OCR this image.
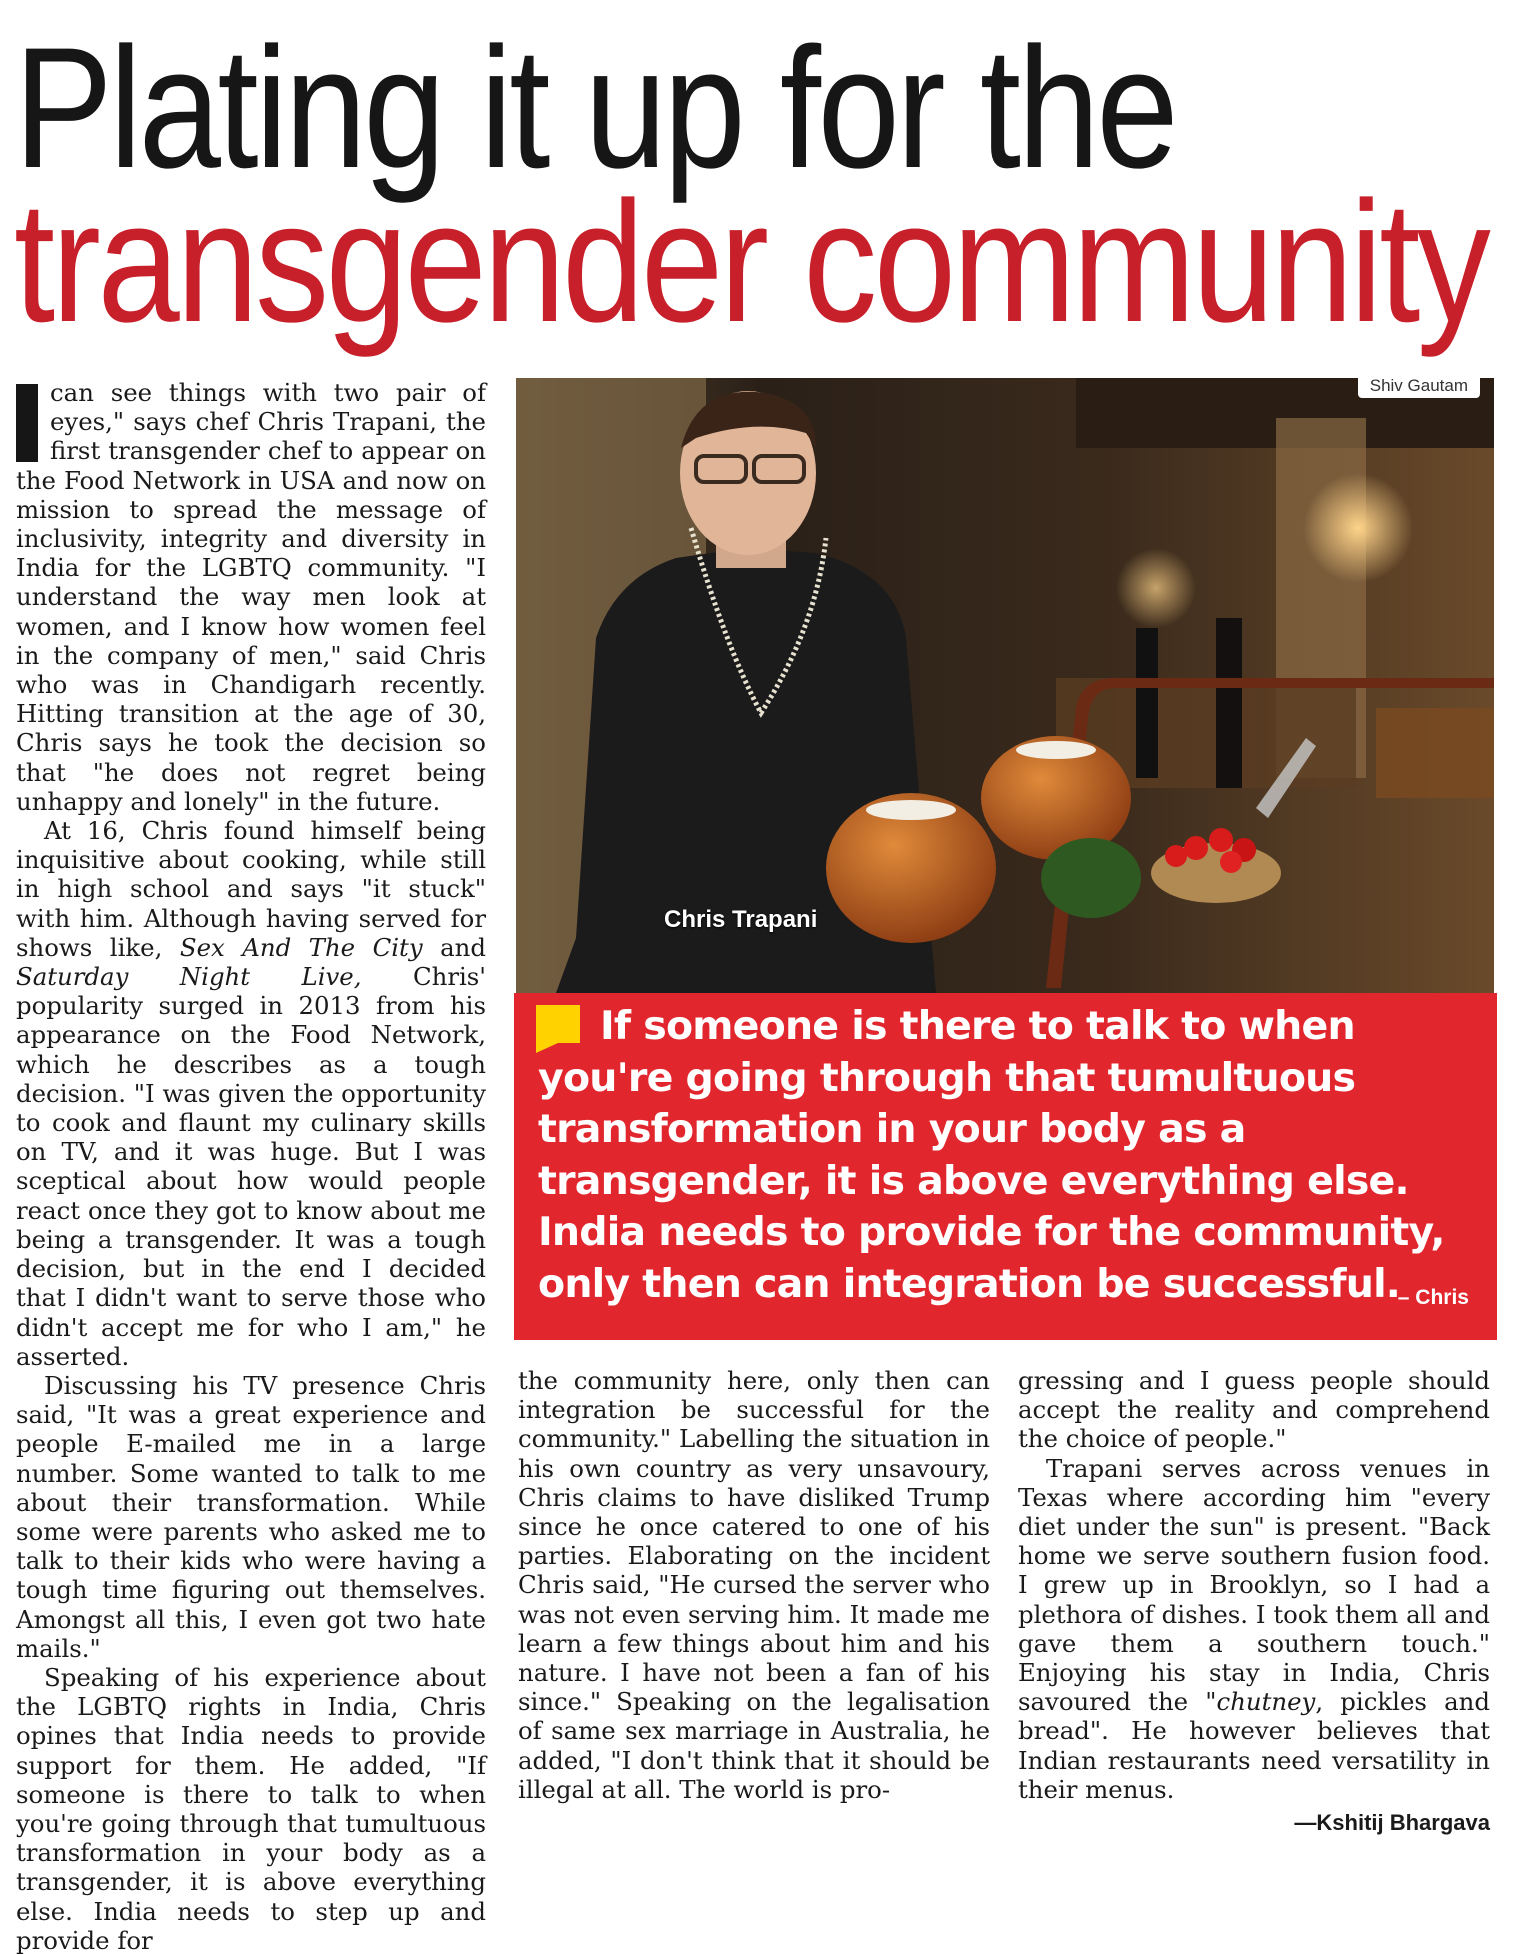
Plating it up for the
transgender community

can see things with two pair of eyes," says chef Chris Trapani, the first transgender chef to appear on the Food Network in USA and now on mission to spread the message of inclusivity, integrity and diversity in India for the LGBTQ community. "I understand the way men look at women, and I know how women feel in the company of men," said Chris who was in Chandigarh recently. Hitting transition at the age of 30, Chris says he took the decision so that "he does not regret being unhappy and lonely" in the future.

At 16, Chris found himself being inquisitive about cooking, while still in high school and says "it stuck" with him. Although having served for shows like, Sex And The City and Saturday Night Live, Chris' popularity surged in 2013 from his appearance on the Food Network, which he describes as a tough decision. "I was given the opportunity to cook and flaunt my culinary skills on TV, and it was huge. But I was sceptical about how would people react once they got to know about me being a transgender. It was a tough decision, but in the end I decided that I didn't want to serve those who didn't accept me for who I am," he asserted.

Discussing his TV presence Chris said, "It was a great experience and people E-mailed me in a large number. Some wanted to talk to me about their transformation. While some were parents who asked me to talk to their kids who were having a tough time figuring out themselves. Amongst all this, I even got two hate mails."

Speaking of his experience about the LGBTQ rights in India, Chris opines that India needs to provide support for them. He added, "If someone is there to talk to when you're going through that tumultuous transformation in your body as a transgender, it is above everything else. India needs to step up and provide for

Shiv Gautam
Chris Trapani

If someone is there to talk to when you're going through that tumultuous transformation in your body as a transgender, it is above everything else. India needs to provide for the community, only then can integration be successful.

– Chris

the community here, only then can integration be successful for the community." Labelling the situation in his own country as very unsavoury, Chris claims to have disliked Trump since he once catered to one of his parties. Elaborating on the incident Chris said, "He cursed the server who was not even serving him. It made me learn a few things about him and his nature. I have not been a fan of his since." Speaking on the legalisation of same sex marriage in Australia, he added, "I don't think that it should be illegal at all. The world is pro-

gressing and I guess people should accept the reality and comprehend the choice of people."

Trapani serves across venues in Texas where according him "every diet under the sun" is present. "Back home we serve southern fusion food. I grew up in Brooklyn, so I had a plethora of dishes. I took them all and gave them a southern touch." Enjoying his stay in India, Chris savoured the "chutney, pickles and bread". He however believes that Indian restaurants need versatility in their menus.

—Kshitij Bhargava
